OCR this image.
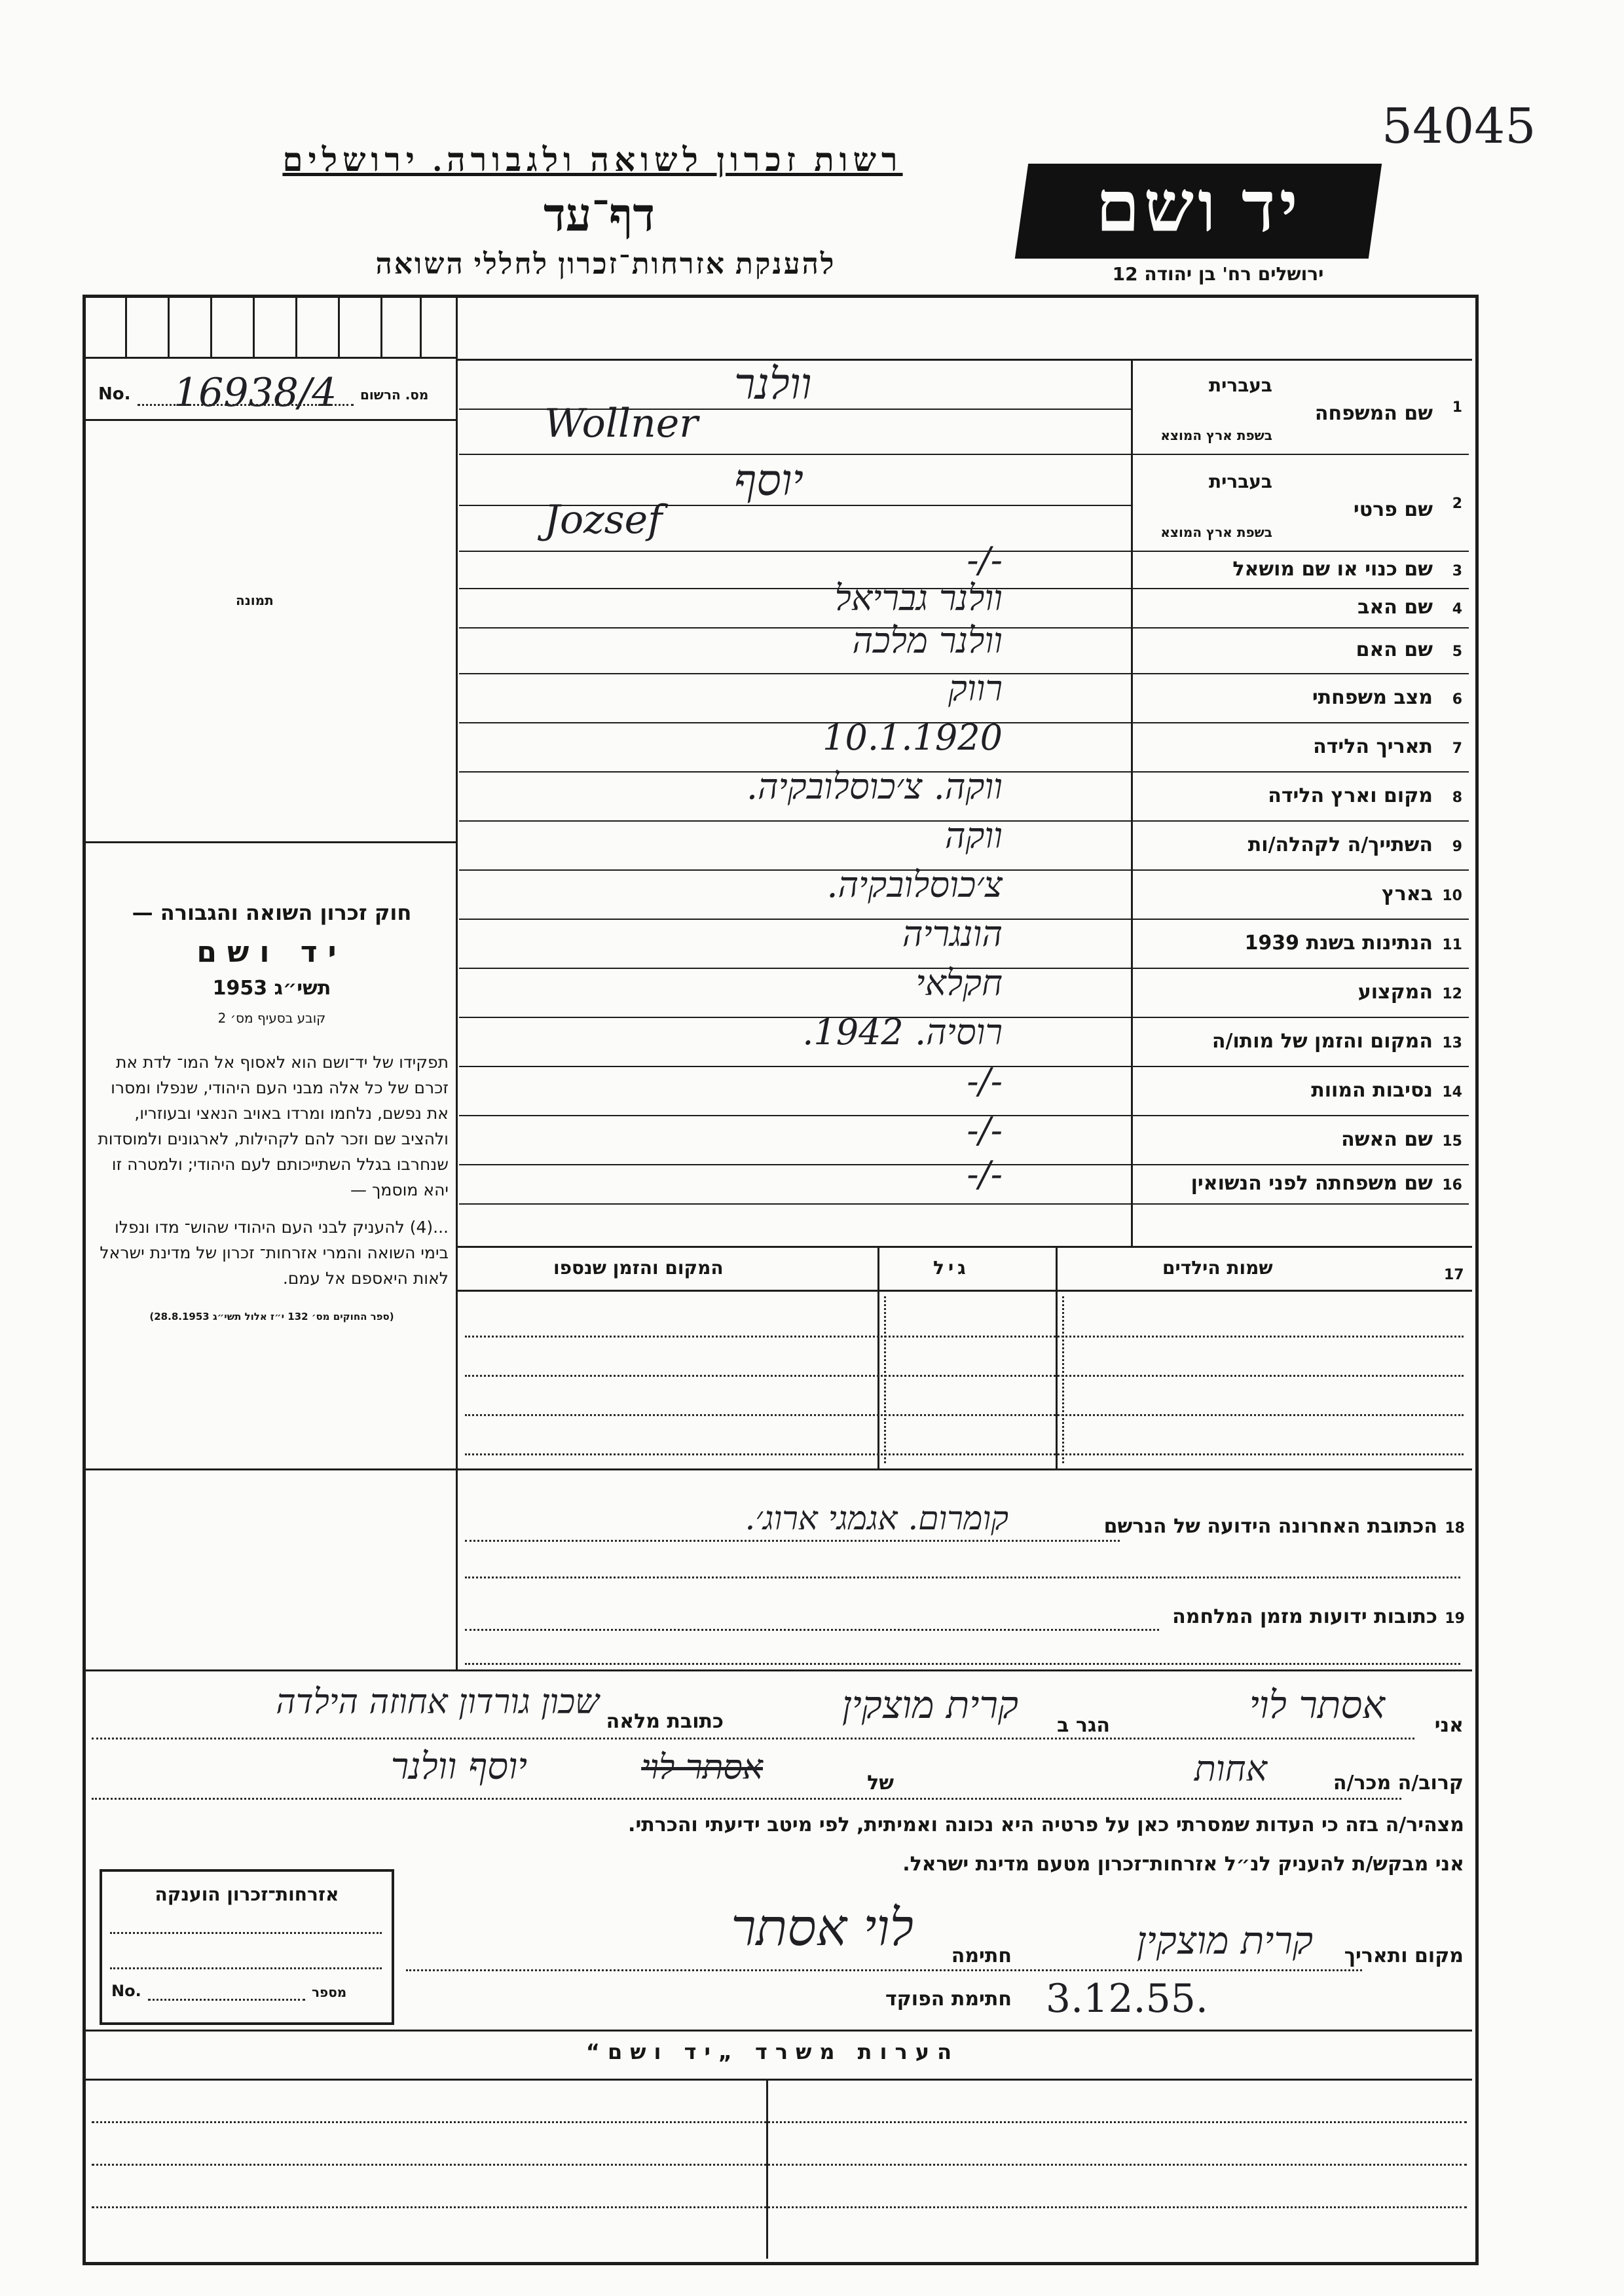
54045
רשות זכרון לשואה ולגבורה. ירושלים
דף־עד
להענקת אזרחות־זכרון לחללי השואה
יד ושם
ירושלים רח' בן יהודה 12
No. 16938/4 מס. הרשום
תמונה
חוק זכרון השואה והגבורה —
יד ושם
תשי״ג 1953
קובע בסעיף מס׳ 2
תפקידו של יד־ושם הוא לאסוף אל המו־ לדת את זכרם של כל אלה מבני העם היהודי, שנפלו ומסרו את נפשם, נלחמו ומרדו באויב הנאצי ובעוזריו, ולהציב שם וזכר להם לקהילות, לארגונים ולמוסדות שנחרבו בגלל השתייכותם לעם היהודי; ולמטרה זו יהא מוסמך —
...(4) להעניק לבני העם היהודי שהוש־ מדו ונפלו בימי השואה והמרי אזרחות־ זכרון של מדינת ישראל לאות היאספם אל עמם.
(ספר החוקים מס׳ 132 י״ז אלול תשי״ג 28.8.1953)
1
שם המשפחה
בעברית
בשפת ארץ המוצא
וולנר
Wollner
2
שם פרטי
בעברית
בשפת ארץ המוצא
יוסף
Jozsef
3
שם כנוי או שם מושאל
-/-
4
שם האב
וולנר גבריאל
5
שם האם
וולנר מלכה
6
מצב משפחתי
רווק
7
תאריך הלידה
10.1.1920
8
מקום וארץ הלידה
ווקה. צ׳כוסלובקיה.
9
השתייך/ה לקהלה/ות
ווקה
10
בארץ
צ׳כוסלובקיה.
11
הנתינות בשנת 1939
הונגריה
12
המקצוע
חקלאי
13
המקום והזמן של מותו/ה
רוסיה. 1942.
14
נסיבות המוות
-/-
15
שם האשה
-/-
16
שם משפחתה לפני הנשואין
-/-
שמות הילדים	17
גיל
המקום והזמן שנספו
18
הכתובת האחרונה הידועה של הנרשם
קומרום. אגמגי ארוג׳.
19
כתובות ידועות מזמן המלחמה
אני
אסתר לוי
הגר ב
קרית מוצקין
כתובת מלאה
שכון גורדון אחוזה הילדה
קרוב/ה מכר/ה
אחות
של
אסתר לוי
יוסף וולנר
מצהיר/ה בזה כי העדות שמסרתי כאן על פרטיה היא נכונה ואמיתית, לפי מיטב ידיעתי והכרתי.
אני מבקש/ת להעניק לנ״ל אזרחות־זכרון מטעם מדינת ישראל.
מקום ותאריך
קרית מוצקין
חתימה
לוי אסתר
חתימת הפוקד 3.12.55.
אזרחות־זכרון הוענקה
No.	מספר
הערות משרד „יד ושם“
